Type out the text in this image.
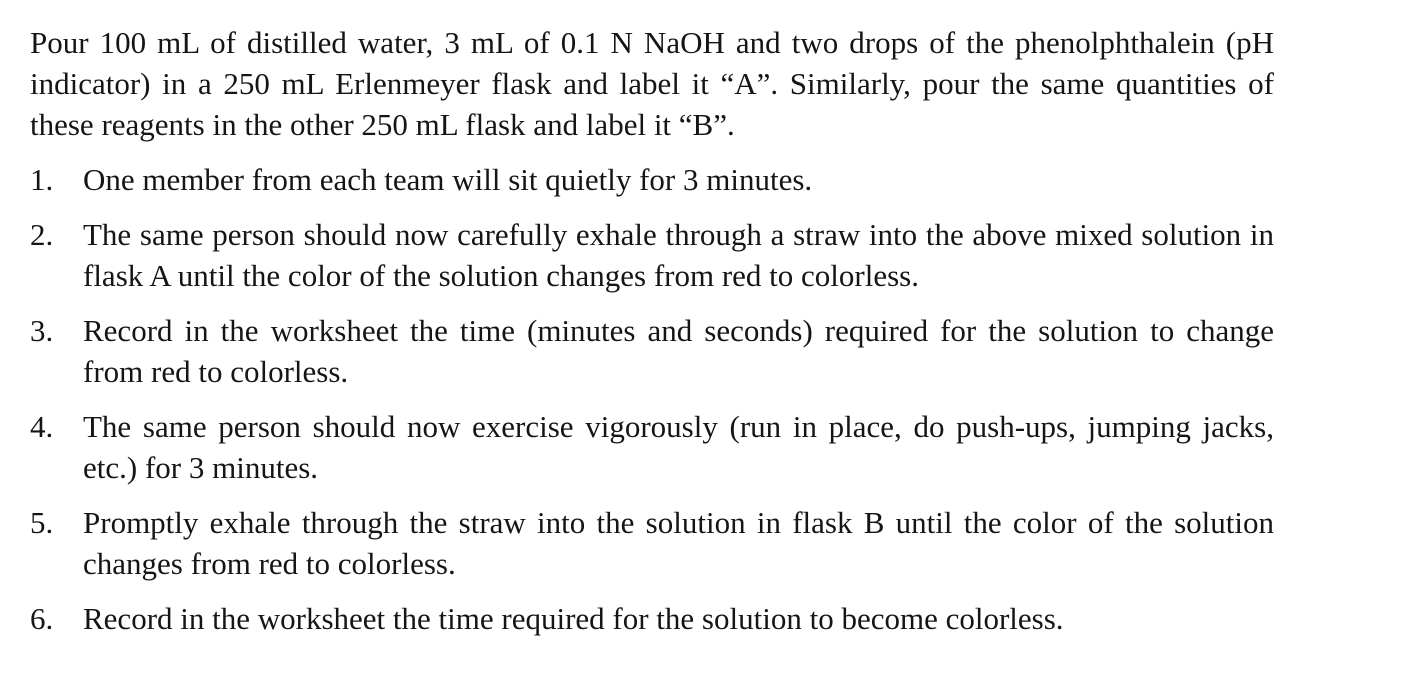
Pour 100 mL of distilled water, 3 mL of 0.1 N NaOH and two drops of the phenolphthalein (pH indicator) in a 250 mL Erlenmeyer flask and label it “A”. Similarly, pour the same quantities of these reagents in the other 250 mL flask and label it “B”.

1. One member from each team will sit quietly for 3 minutes.
2. The same person should now carefully exhale through a straw into the above mixed solution in flask A until the color of the solution changes from red to colorless.
3. Record in the worksheet the time (minutes and seconds) required for the solution to change from red to colorless.
4. The same person should now exercise vigorously (run in place, do push-ups, jumping jacks, etc.) for 3 minutes.
5. Promptly exhale through the straw into the solution in flask B until the color of the solution changes from red to colorless.
6. Record in the worksheet the time required for the solution to become colorless.
